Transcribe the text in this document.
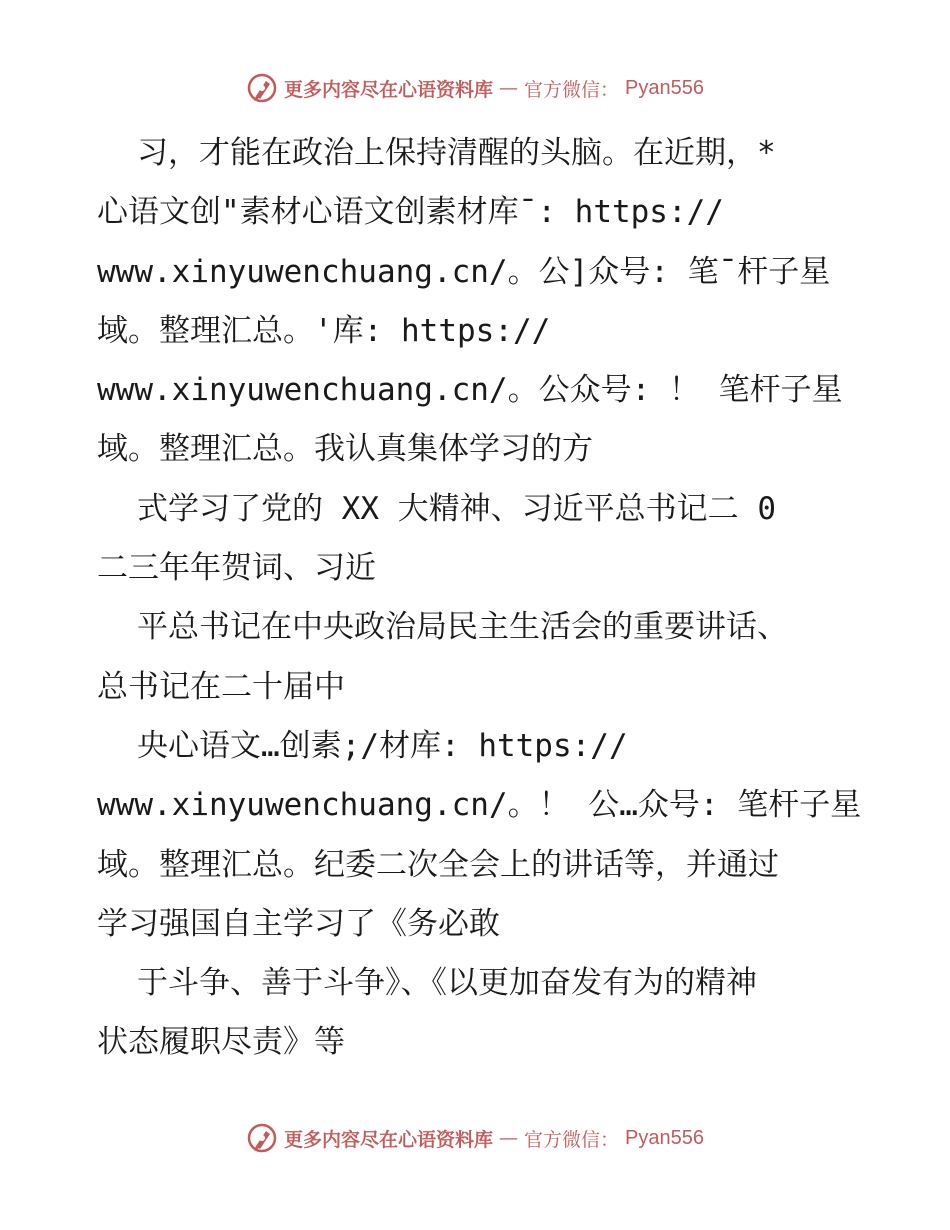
更多内容尽在心语资料库 — 官方微信： Pyan556
习，才能在政治上保持清醒的头脑。在近期，*
心语文创"素材心语文创素材库¯: https://
www.xinyuwenchuang.cn/。公]众号: 笔¯杆子星
域。整理汇总。'库: https://
www.xinyuwenchuang.cn/。公众号: ！ 笔杆子星
域。整理汇总。我认真集体学习的方
式学习了党的 XX 大精神、习近平总书记二 0
二三年年贺词、习近
平总书记在中央政治局民主生活会的重要讲话、
总书记在二十届中
央心语文…创素;/材库: https://
www.xinyuwenchuang.cn/。！ 公…众号: 笔杆子星
域。整理汇总。纪委二次全会上的讲话等，并通过
学习强国自主学习了《务必敢
于斗争、善于斗争》、《以更加奋发有为的精神
状态履职尽责》等
更多内容尽在心语资料库 — 官方微信： Pyan556
